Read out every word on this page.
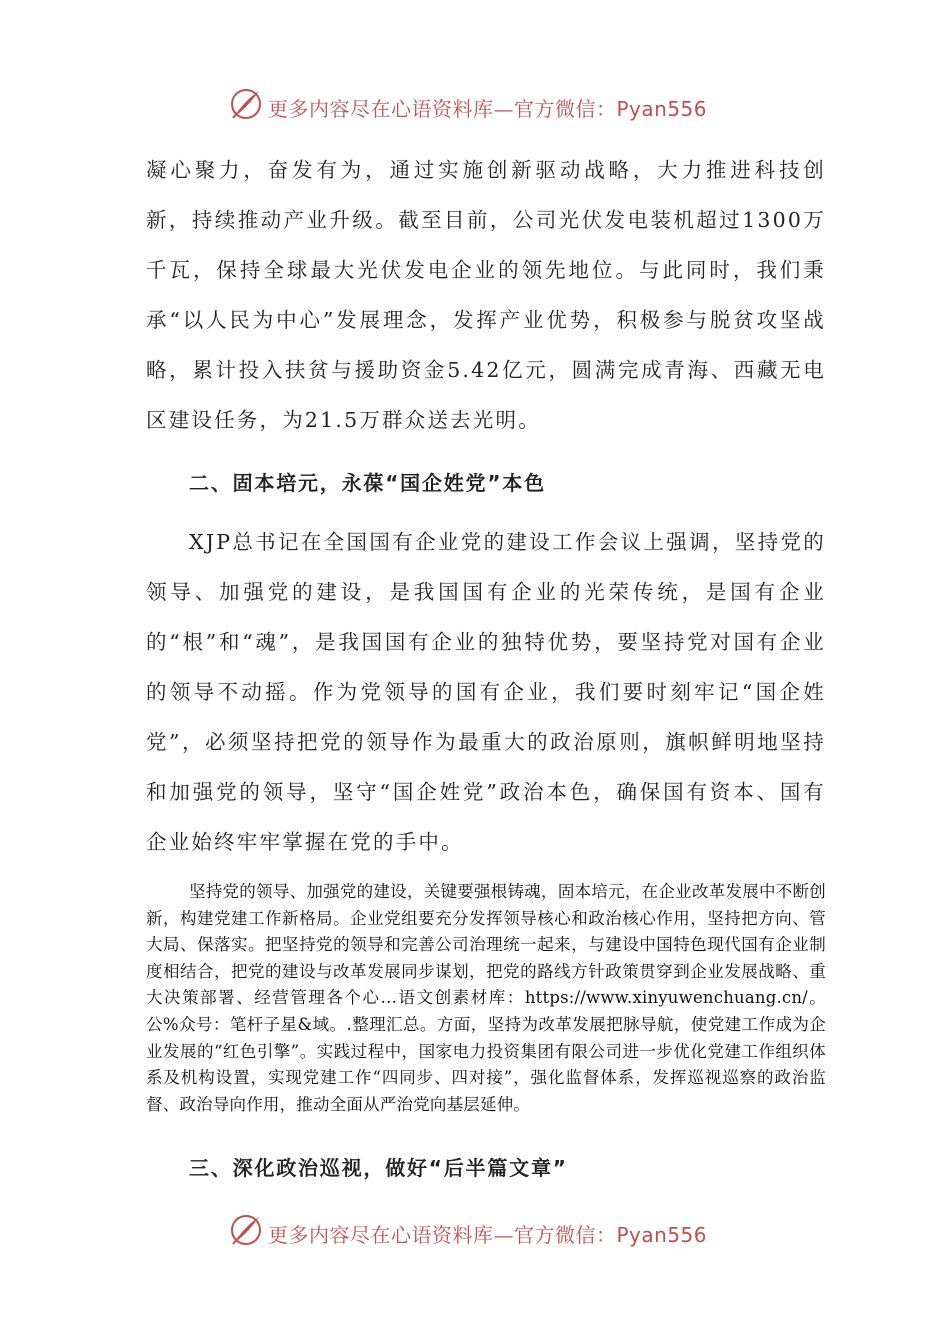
更多内容尽在心语资料库—官方微信：Pyan556

凝心聚力，奋发有为，通过实施创新驱动战略，大力推进科技创新，持续推动产业升级。截至目前，公司光伏发电装机超过1300万千瓦，保持全球最大光伏发电企业的领先地位。与此同时，我们秉承“以人民为中心”发展理念，发挥产业优势，积极参与脱贫攻坚战略，累计投入扶贫与援助资金5.42亿元，圆满完成青海、西藏无电区建设任务，为21.5万群众送去光明。

二、固本培元，永葆“国企姓党”本色

XJP总书记在全国国有企业党的建设工作会议上强调，坚持党的领导、加强党的建设，是我国国有企业的光荣传统，是国有企业的“根”和“魂”，是我国国有企业的独特优势，要坚持党对国有企业的领导不动摇。作为党领导的国有企业，我们要时刻牢记“国企姓党”，必须坚持把党的领导作为最重大的政治原则，旗帜鲜明地坚持和加强党的领导，坚守“国企姓党”政治本色，确保国有资本、国有企业始终牢牢掌握在党的手中。

坚持党的领导、加强党的建设，关键要强根铸魂，固本培元，在企业改革发展中不断创新，构建党建工作新格局。企业党组要充分发挥领导核心和政治核心作用，坚持把方向、管大局、保落实。把坚持党的领导和完善公司治理统一起来，与建设中国特色现代国有企业制度相结合，把党的建设与改革发展同步谋划，把党的路线方针政策贯穿到企业发展战略、重大决策部署、经营管理各个心…语文创素材库：https://www.xinyuwenchuang.cn/。公%众号：笔杆子星&域。.整理汇总。方面，坚持为改革发展把脉导航，使党建工作成为企业发展的“红色引擎”。实践过程中，国家电力投资集团有限公司进一步优化党建工作组织体系及机构设置，实现党建工作“四同步、四对接”，强化监督体系，发挥巡视巡察的政治监督、政治导向作用，推动全面从严治党向基层延伸。

三、深化政治巡视，做好“后半篇文章”

更多内容尽在心语资料库—官方微信：Pyan556
